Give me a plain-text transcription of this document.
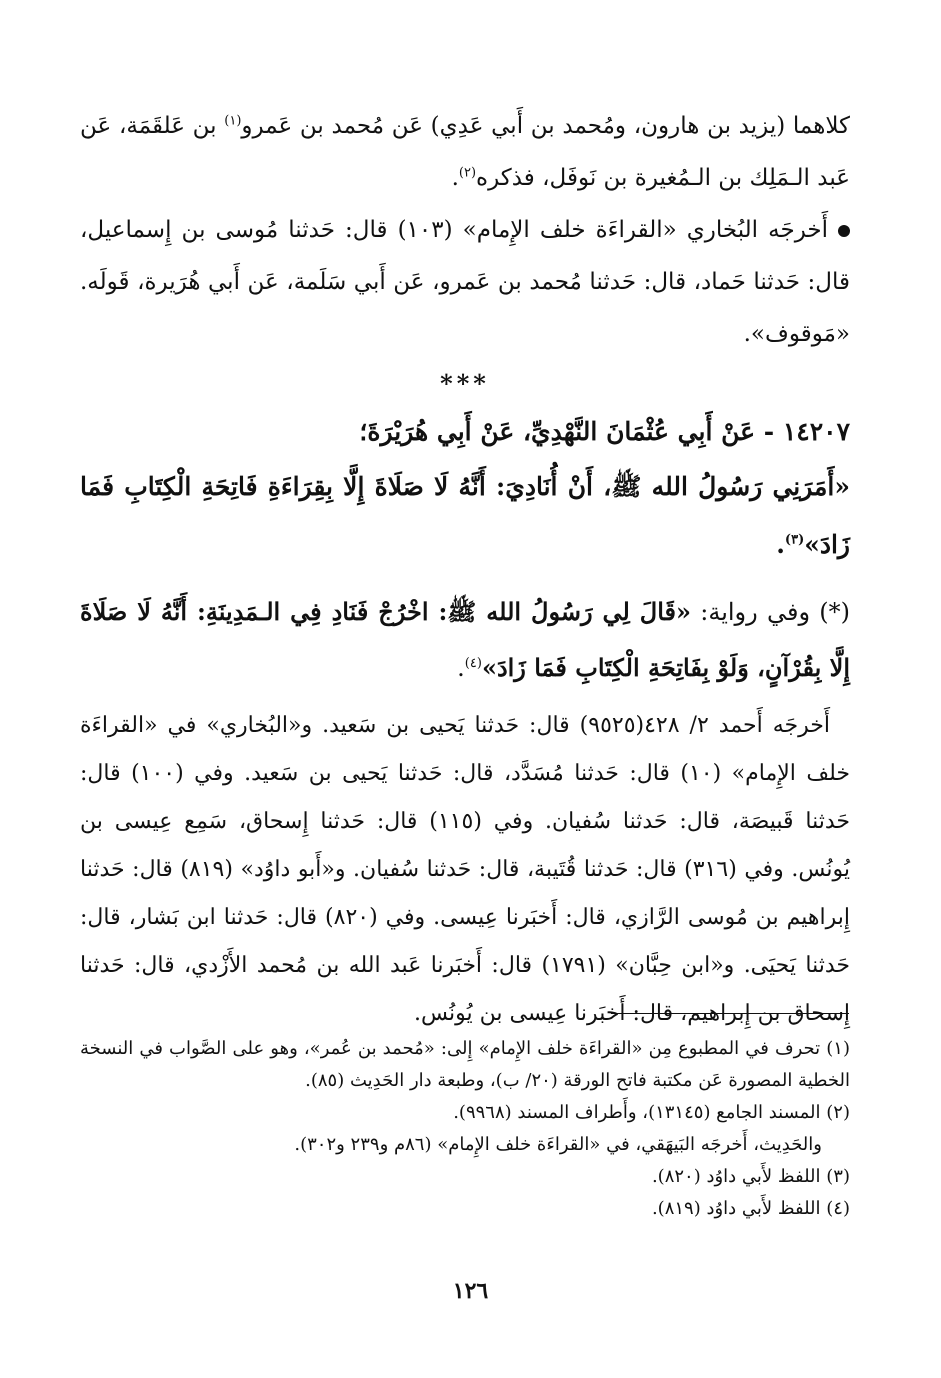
كلاهما (يزيد بن هارون، ومُحمد بن أَبي عَدِي) عَن مُحمد بن عَمرو$^{(١)}$ بن عَلقَمَة، عَن عَبد الـمَلِك بن الـمُغيرة بن نَوفَل، فذكره$^{(٢)}$.

أَخرجَه البُخاري «القراءَة خلف الإِمام» (١٠٣) قال: حَدثنا مُوسى بن إِسماعيل، قال: حَدثنا حَماد، قال: حَدثنا مُحمد بن عَمرو، عَن أَبي سَلَمة، عَن أَبي هُرَيرة، قَولَه. «مَوقوف».

***

١٤٢٠٧ - عَنْ أَبِي عُثْمَانَ النَّهْدِيِّ، عَنْ أَبِي هُرَيْرَةَ؛

«أَمَرَنِي رَسُولُ الله ﷺ، أَنْ أُنَادِيَ: أَنَّهُ لَا صَلَاةَ إِلَّا بِقِرَاءَةِ فَاتِحَةِ الْكِتَابِ فَمَا زَادَ»$^{(٣)}$.

(*) وفي رواية: «قَالَ لِي رَسُولُ الله ﷺ: اخْرُجْ فَنَادِ فِي الـمَدِينَةِ: أَنَّهُ لَا صَلَاةَ إِلَّا بِقُرْآنٍ، وَلَوْ بِفَاتِحَةِ الْكِتَابِ فَمَا زَادَ»$^{(٤)}$.

أَخرجَه أَحمد ٢/ ٤٢٨(٩٥٢٥) قال: حَدثنا يَحيى بن سَعيد. و«البُخاري» في «القراءَة خلف الإِمام» (١٠) قال: حَدثنا مُسَدَّد، قال: حَدثنا يَحيى بن سَعيد. وفي (١٠٠) قال: حَدثنا قَبيصَة، قال: حَدثنا سُفيان. وفي (١١٥) قال: حَدثنا إِسحاق، سَمِع عِيسى بن يُونُس. وفي (٣١٦) قال: حَدثنا قُتَيبة، قال: حَدثنا سُفيان. و«أَبو داوُد» (٨١٩) قال: حَدثنا إِبراهيم بن مُوسى الرَّازي، قال: أَخبَرنا عِيسى. وفي (٨٢٠) قال: حَدثنا ابن بَشار، قال: حَدثنا يَحيَى. و«ابن حِبَّان» (١٧٩١) قال: أَخبَرنا عَبد الله بن مُحمد الأَزْدي، قال: حَدثنا إِسحاق بن إِبراهيم، قال: أَخبَرنا عِيسى بن يُونُس.

(١) تحرف في المطبوع مِن «القراءَة خلف الإِمام» إِلى: «مُحمد بن عُمر»، وهو على الصَّواب في النسخة الخطية المصورة عَن مكتبة فاتح الورقة (٢٠/ ب)، وطبعة دار الحَدِيث (٨٥).

(٢) المسند الجامع (١٣١٤٥)، وأَطراف المسند (٩٩٦٨).

والحَدِيث، أَخرجَه البَيهَقي، في «القراءَة خلف الإِمام» (٨٦م و٢٣٩ و٣٠٢).

(٣) اللفظ لأَبي داوُد (٨٢٠).

(٤) اللفظ لأَبي داوُد (٨١٩).

١٢٦
